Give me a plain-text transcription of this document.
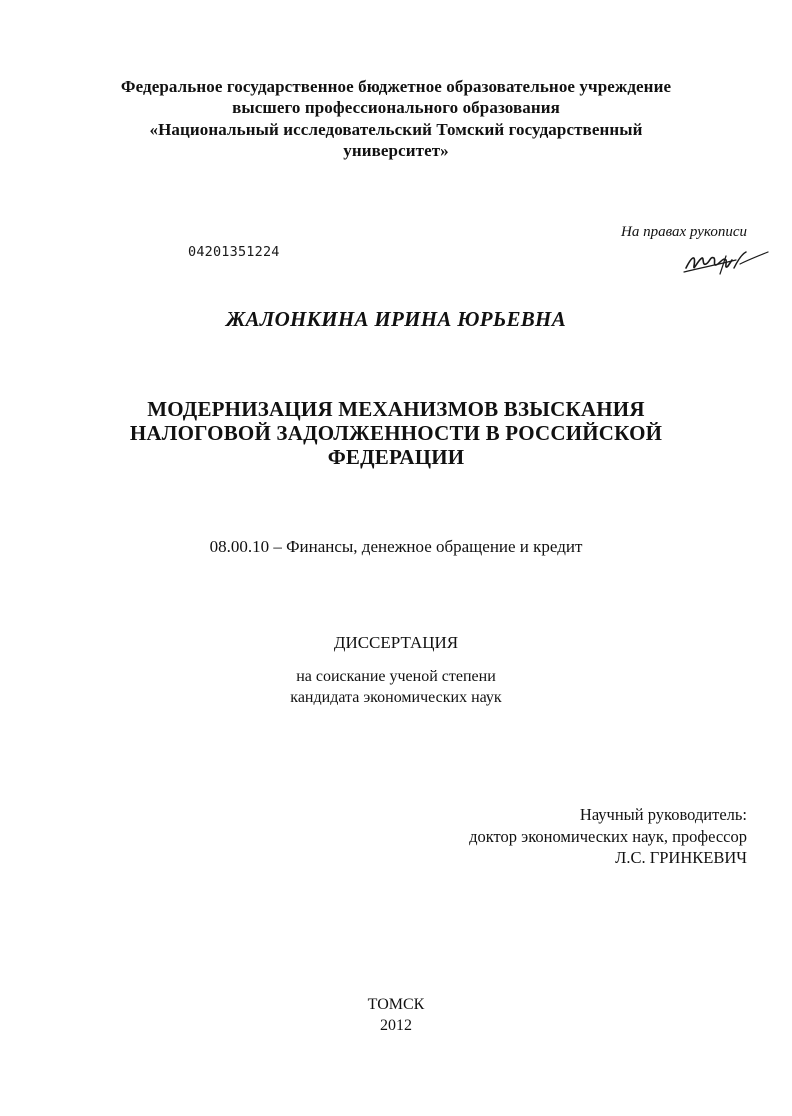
Федеральное государственное бюджетное образовательное учреждение
высшего профессионального образования
«Национальный исследовательский Томский государственный
университет»
На правах рукописи
04201351224
ЖАЛОНКИНА ИРИНА ЮРЬЕВНА
МОДЕРНИЗАЦИЯ МЕХАНИЗМОВ ВЗЫСКАНИЯ
НАЛОГОВОЙ ЗАДОЛЖЕННОСТИ В РОССИЙСКОЙ
ФЕДЕРАЦИИ
08.00.10 – Финансы, денежное обращение и кредит
ДИССЕРТАЦИЯ
на соискание ученой степени
кандидата экономических наук
Научный руководитель:
доктор экономических наук, профессор
Л.С. ГРИНКЕВИЧ
ТОМСК
2012
